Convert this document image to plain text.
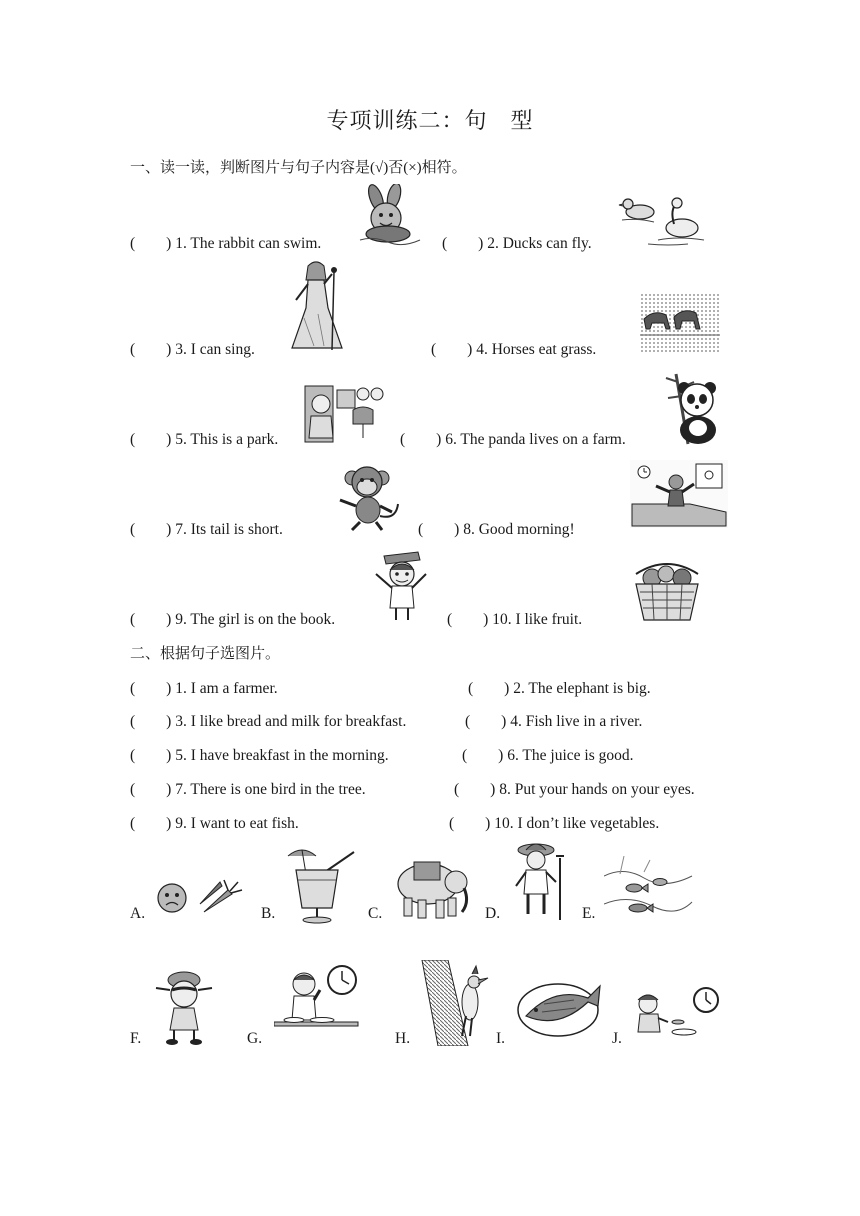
专项训练二：句　型
一、读一读，判断图片与句子内容是(√)否(×)相符。
(　　) 1. The rabbit can swim.	(　　) 2. Ducks can fly.
(　　) 3. I can sing.	(　　) 4. Horses eat grass.
(　　) 5. This is a park.	(　　) 6. The panda lives on a farm.
(　　) 7. Its tail is short.	(　　) 8. Good morning!
(　　) 9. The girl is on the book.	(　　) 10. I like fruit.
二、根据句子选图片。
(　　) 1. I am a farmer.	(　　) 2. The elephant is big.
(　　) 3. I like bread and milk for breakfast.	(　　) 4. Fish live in a river.
(　　) 5. I have breakfast in the morning.	(　　) 6. The juice is good.
(　　) 7. There is one bird in the tree.	(　　) 8. Put your hands on your eyes.
(　　) 9. I want to eat fish.	(　　) 10. I don’t like vegetables.
A.	B.	C.	D.	E.
F.	G.	H.	I.	J.
